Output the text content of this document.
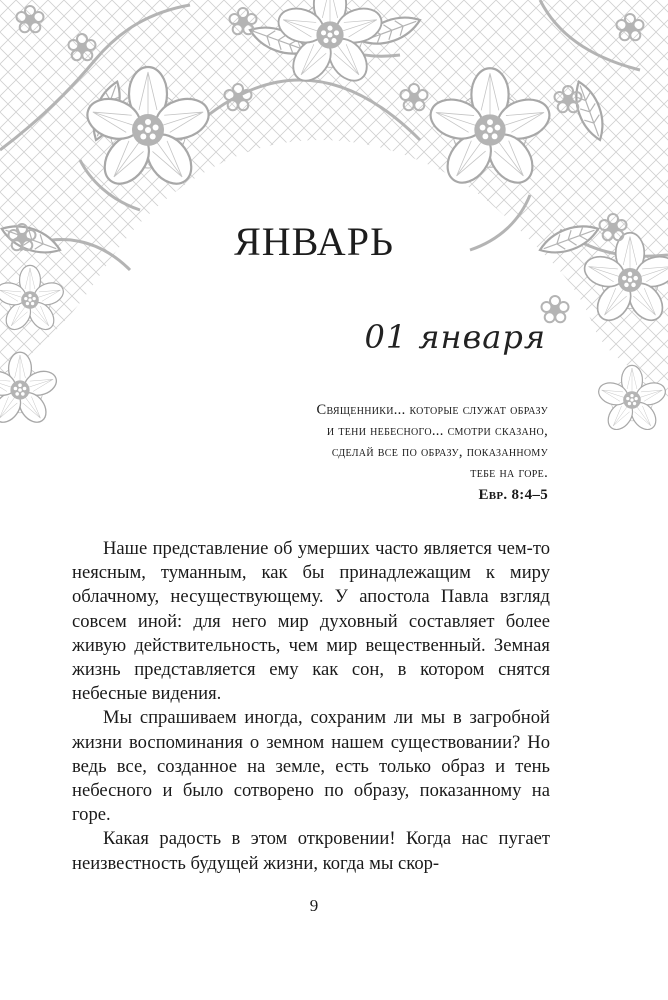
ЯНВАРЬ
01 января

Священники... которые служат образу

и тени небесного... смотри сказано,

сделай все по образу, показанному

тебе на горе.

Евр. 8:4–5

Наше представление об умерших часто является чем-то неясным, туманным, как бы принадлежащим к миру облачному, несуществующему. У апостола Павла взгляд совсем иной: для него мир духовный составляет более живую действительность, чем мир вещественный. Земная жизнь представляется ему как сон, в котором снятся небесные видения.

Мы спрашиваем иногда, сохраним ли мы в загробной жизни воспоминания о земном нашем существовании? Но ведь все, созданное на земле, есть только образ и тень небесного и было сотворено по образу, показанному на горе.

Какая радость в этом откровении! Когда нас пугает неизвестность будущей жизни, когда мы скор-

9
